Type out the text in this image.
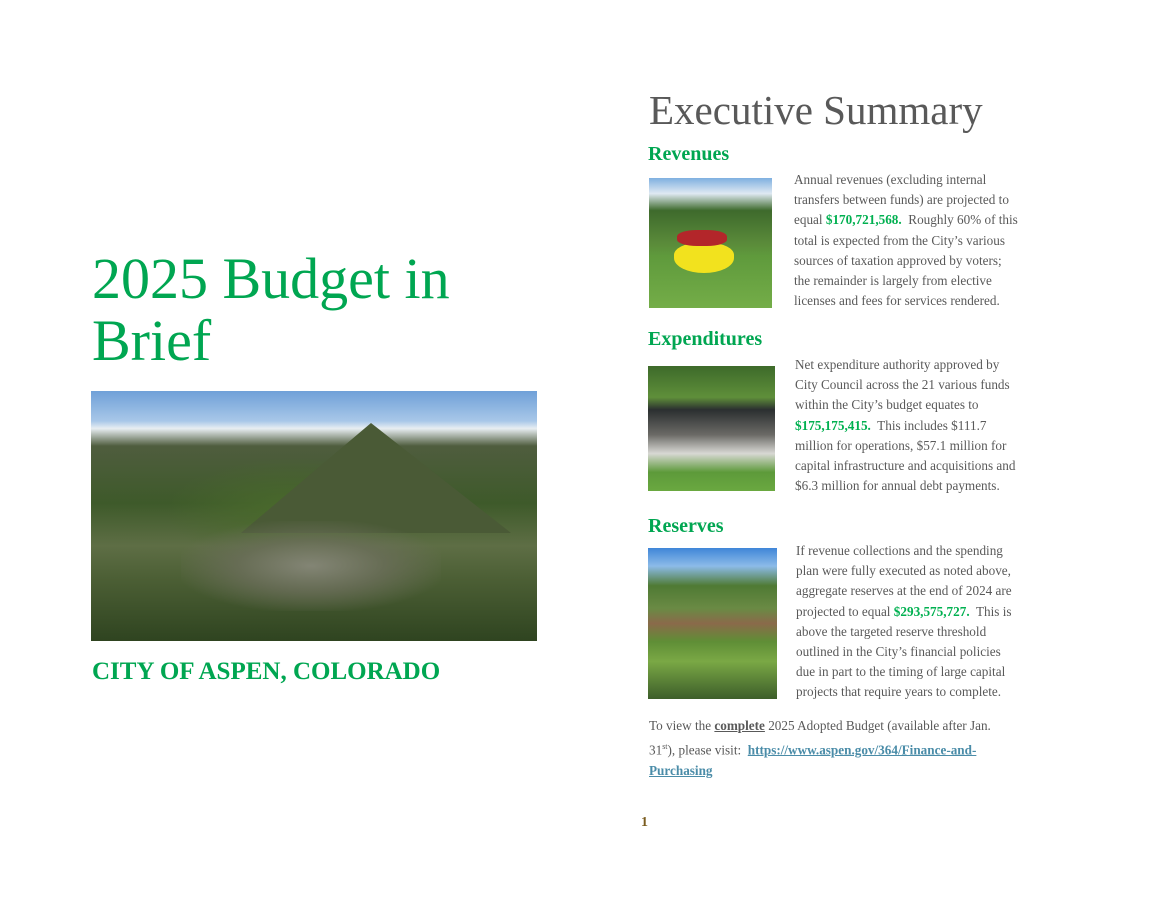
2025 Budget in
Brief
CITY OF ASPEN, COLORADO
Executive Summary
Revenues
Annual revenues (excluding internal
transfers between funds) are projected to
equal $170,721,568.  Roughly 60% of this
total is expected from the City’s various
sources of taxation approved by voters;
the remainder is largely from elective
licenses and fees for services rendered.
Expenditures
Net expenditure authority approved by
City Council across the 21 various funds
within the City’s budget equates to
$175,175,415.  This includes $111.7
million for operations, $57.1 million for
capital infrastructure and acquisitions and
$6.3 million for annual debt payments.
Reserves
If revenue collections and the spending
plan were fully executed as noted above,
aggregate reserves at the end of 2024 are
projected to equal $293,575,727.  This is
above the targeted reserve threshold
outlined in the City’s financial policies
due in part to the timing of large capital
projects that require years to complete.
To view the complete 2025 Adopted Budget (available after Jan.
31st), please visit:  https://www.aspen.gov/364/Finance-and-
Purchasing
1
